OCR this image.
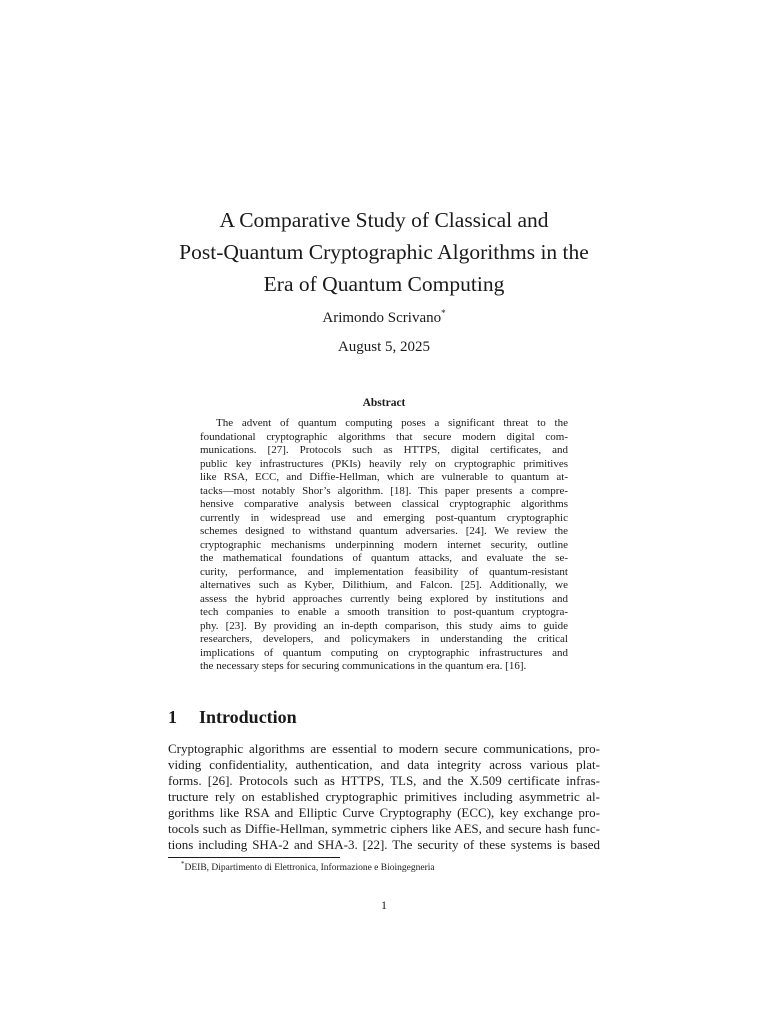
A Comparative Study of Classical and
Post-Quantum Cryptographic Algorithms in the
Era of Quantum Computing
Arimondo Scrivano*
August 5, 2025
Abstract
The advent of quantum computing poses a significant threat to the
foundational cryptographic algorithms that secure modern digital com-
munications. [27]. Protocols such as HTTPS, digital certificates, and
public key infrastructures (PKIs) heavily rely on cryptographic primitives
like RSA, ECC, and Diffie-Hellman, which are vulnerable to quantum at-
tacks—most notably Shor’s algorithm. [18]. This paper presents a compre-
hensive comparative analysis between classical cryptographic algorithms
currently in widespread use and emerging post-quantum cryptographic
schemes designed to withstand quantum adversaries. [24]. We review the
cryptographic mechanisms underpinning modern internet security, outline
the mathematical foundations of quantum attacks, and evaluate the se-
curity, performance, and implementation feasibility of quantum-resistant
alternatives such as Kyber, Dilithium, and Falcon. [25]. Additionally, we
assess the hybrid approaches currently being explored by institutions and
tech companies to enable a smooth transition to post-quantum cryptogra-
phy. [23]. By providing an in-depth comparison, this study aims to guide
researchers, developers, and policymakers in understanding the critical
implications of quantum computing on cryptographic infrastructures and
the necessary steps for securing communications in the quantum era. [16].
1 Introduction
Cryptographic algorithms are essential to modern secure communications, pro-
viding confidentiality, authentication, and data integrity across various plat-
forms. [26]. Protocols such as HTTPS, TLS, and the X.509 certificate infras-
tructure rely on established cryptographic primitives including asymmetric al-
gorithms like RSA and Elliptic Curve Cryptography (ECC), key exchange pro-
tocols such as Diffie-Hellman, symmetric ciphers like AES, and secure hash func-
tions including SHA-2 and SHA-3. [22]. The security of these systems is based
*DEIB, Dipartimento di Elettronica, Informazione e Bioingegneria
1
